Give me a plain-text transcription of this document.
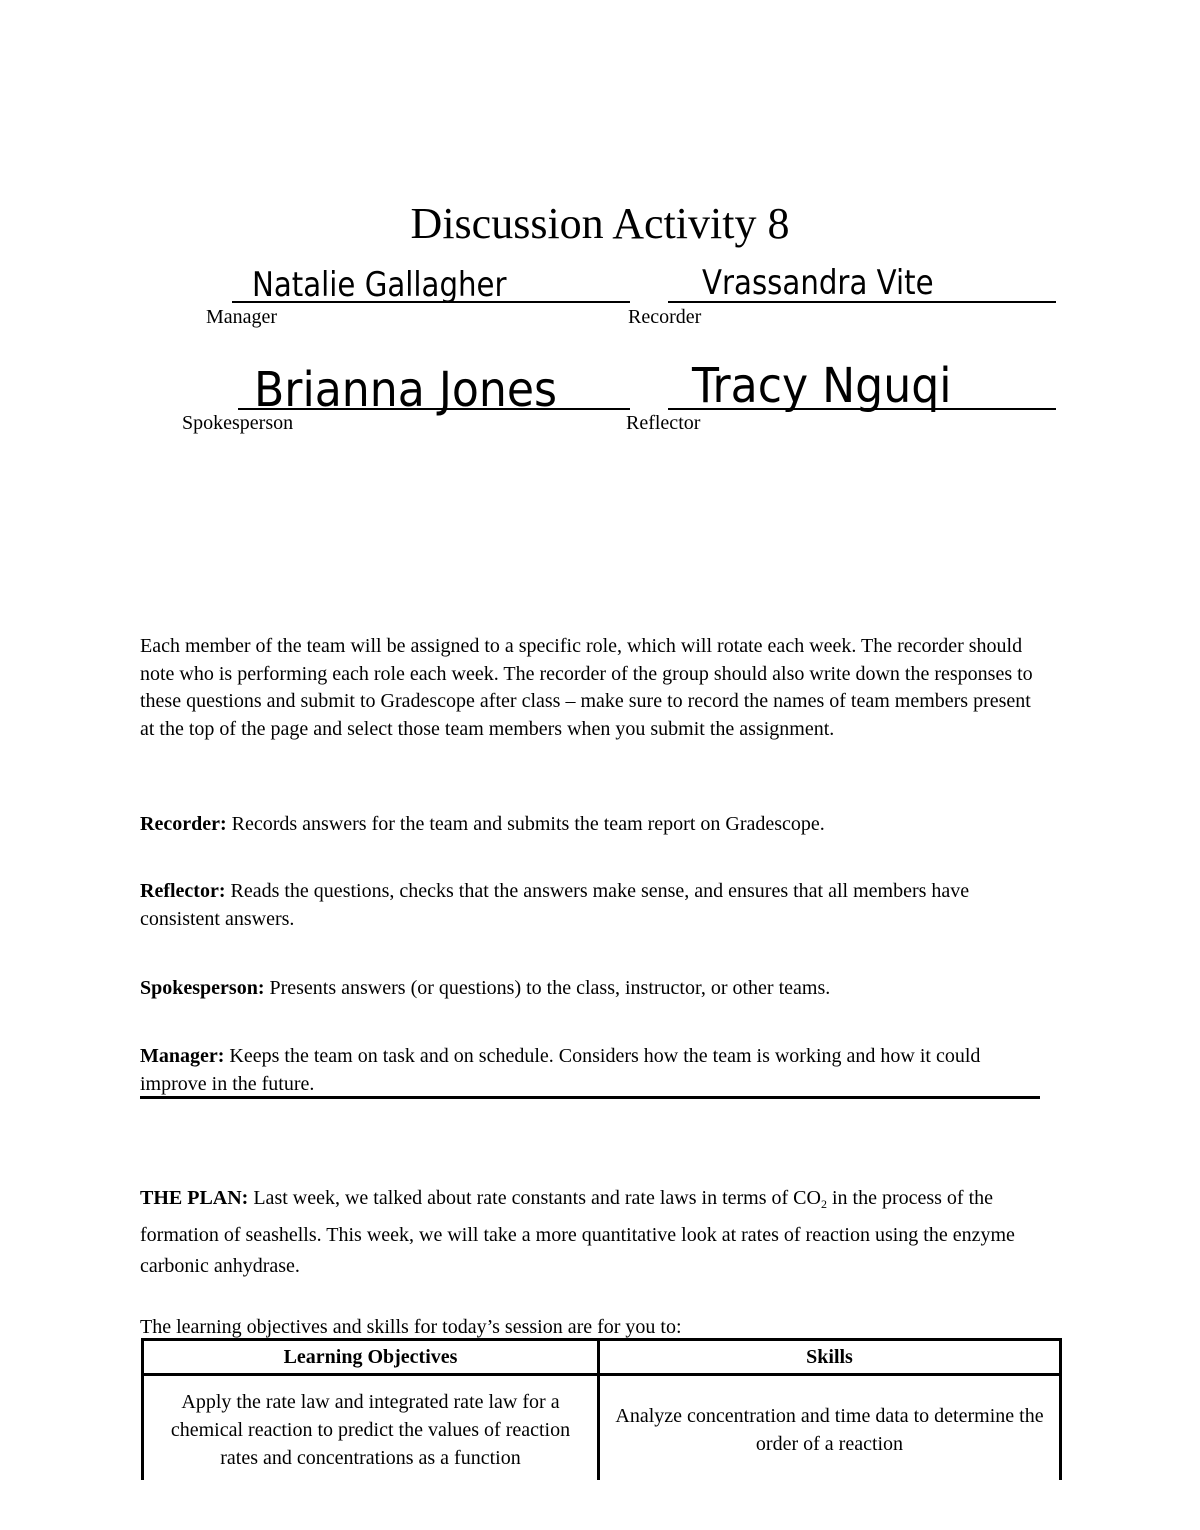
Discussion Activity 8
Natalie Gallagher
Manager
Vrassandra Vite
Recorder
Brianna Jones
Spokesperson
Tracy Nguqi
Reflector
Each member of the team will be assigned to a specific role, which will rotate each week. The recorder should note who is performing each role each week. The recorder of the group should also write down the responses to these questions and submit to Gradescope after class – make sure to record the names of team members present at the top of the page and select those team members when you submit the assignment.
Recorder: Records answers for the team and submits the team report on Gradescope.
Reflector: Reads the questions, checks that the answers make sense, and ensures that all members have consistent answers.
Spokesperson: Presents answers (or questions) to the class, instructor, or other teams.
Manager: Keeps the team on task and on schedule. Considers how the team is working and how it could improve in the future.
THE PLAN: Last week, we talked about rate constants and rate laws in terms of $CO_2$ in the process of the formation of seashells. This week, we will take a more quantitative look at rates of reaction using the enzyme carbonic anhydrase.
The learning objectives and skills for today’s session are for you to:
Learning Objectives	Skills
Apply the rate law and integrated rate law for a chemical reaction to predict the values of reaction rates and concentrations as a function	Analyze concentration and time data to determine the order of a reaction
